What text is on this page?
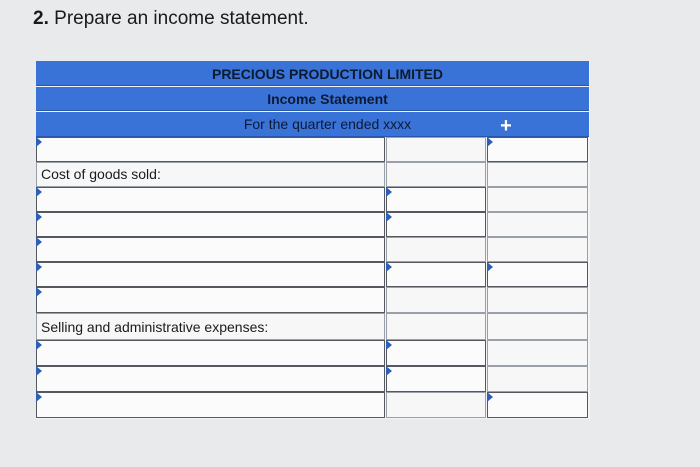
2. Prepare an income statement.
PRECIOUS PRODUCTION LIMITED
Income Statement
For the quarter ended xxxx	+
Cost of goods sold:
Selling and administrative expenses:
